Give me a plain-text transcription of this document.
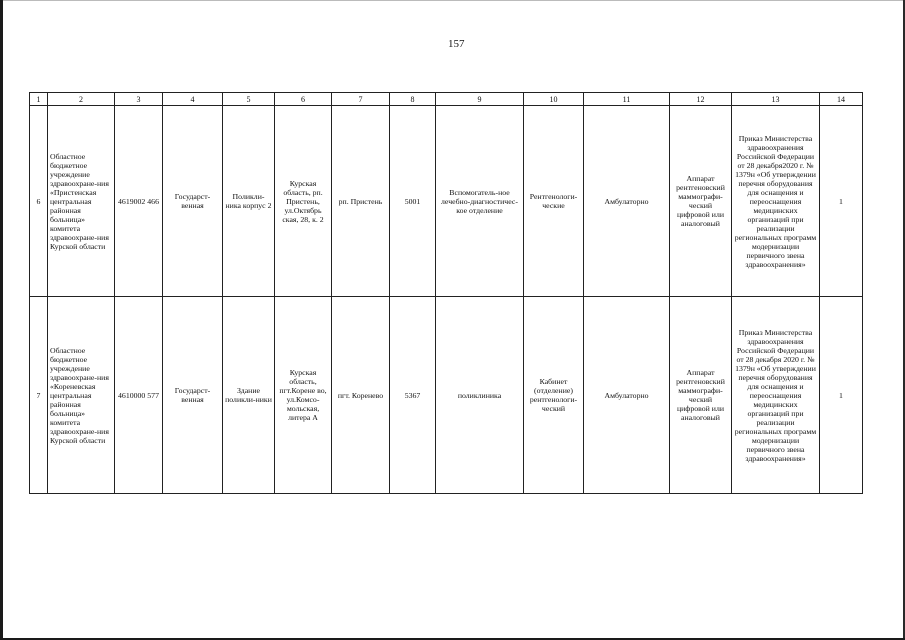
157
1	2	3	4	5	6	7	8	9	10	11	12	13	14
6	Областное бюджетное учреждение здравоохране-ния «Пристенская центральная районная больница» комитета здравоохране-ния Курской области	4619002 466	Государст-венная	Поликли-ника корпус 2	Курская область, рп. Пристень, ул.Октябрь ская, 28, к. 2	рп. Пристень	5001	Вспомогатель-ное лечебно-диагностичес-кое отделение	Рентгенологи-ческие	Амбулаторно	Аппарат рентгеновский маммографи-ческий цифровой или аналоговый	Приказ Министерства здравоохранения Российской Федерации от 28 декабря2020 г. № 1379н «Об утверждении перечня оборудования для оснащения и переоснащения медицинских организаций при реализации региональных программ модернизации первичного звена здравоохранения»	1
7	Областное бюджетное учреждение здравоохране-ния «Кореневская центральная районная больница» комитета здравоохране-ния Курской области	4610000 577	Государст-венная	Здание поликли-ники	Курская область, пгт.Корене во, ул.Комсо-мольская, литера А	пгт. Коренево	5367	поликлиника	Кабинет (отделение) рентгенологи-ческий	Амбулаторно	Аппарат рентгеновский маммографи-ческий цифровой или аналоговый	Приказ Министерства здравоохранения Российской Федерации от 28 декабря 2020 г. № 1379н «Об утверждении перечня оборудования для оснащения и переоснащения медицинских организаций при реализации региональных программ модернизации первичного звена здравоохранения»	1
